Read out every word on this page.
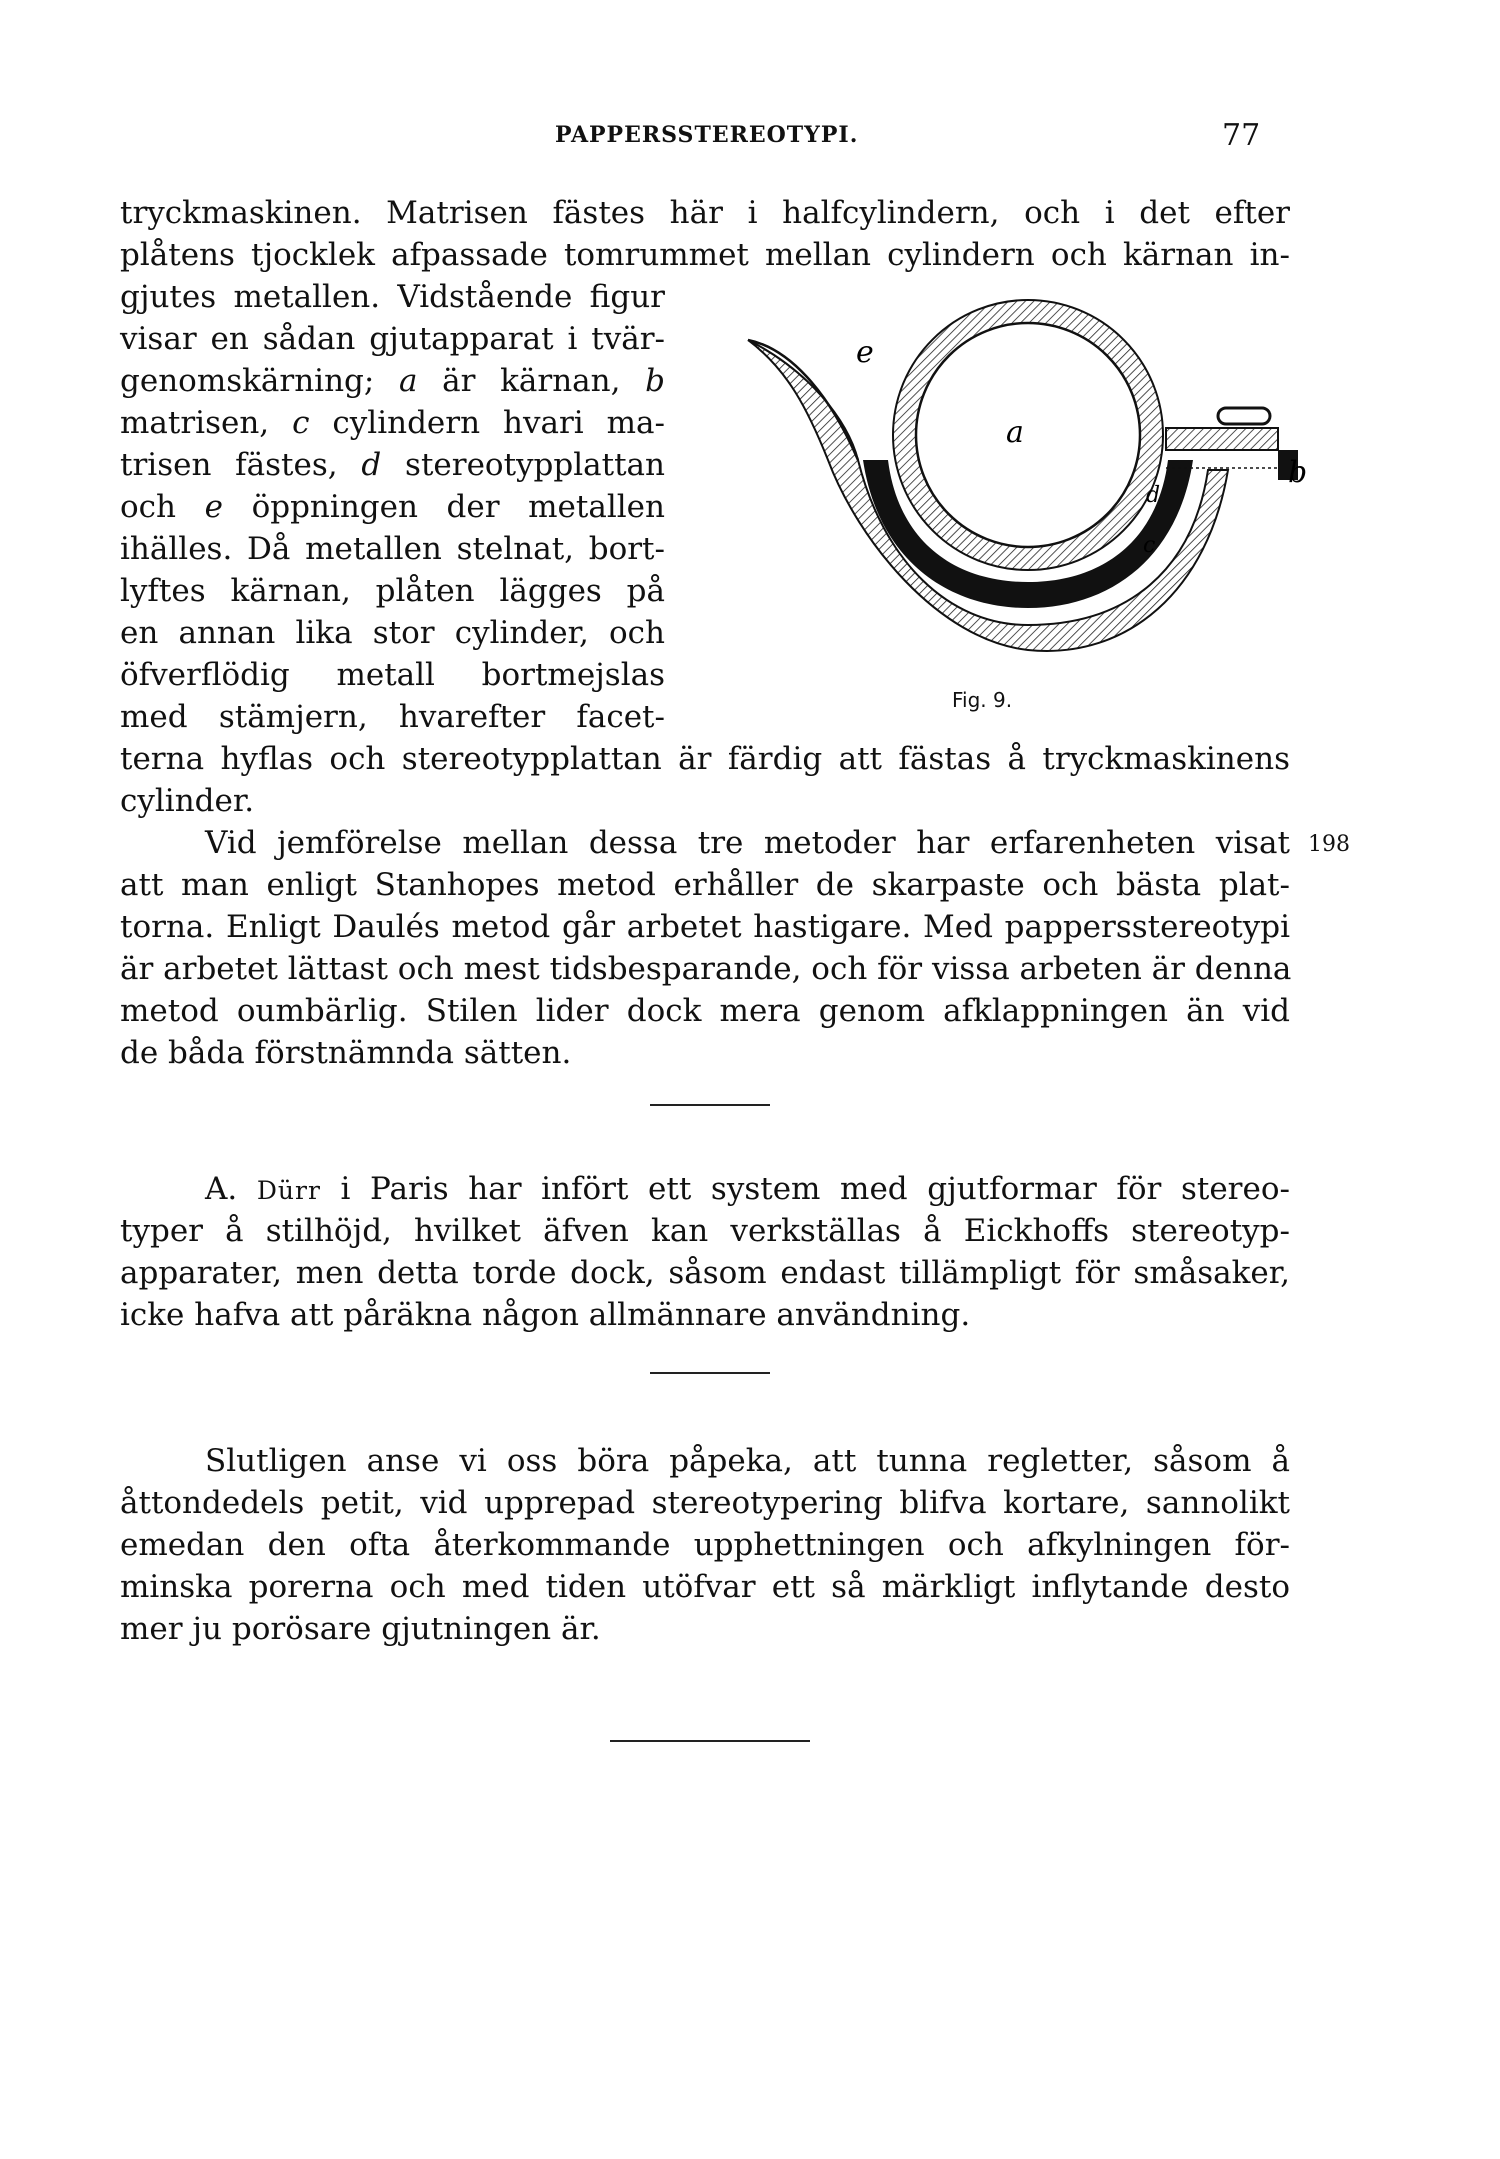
PAPPERSSTEREOTYPI.	77
tryckmaskinen. Matrisen fästes här i halfcylindern, och i det efter
plåtens tjocklek afpassade tomrummet mellan cylindern och kärnan in-
gjutes metallen. Vidstående figur
visar en sådan gjutapparat i tvär-
genomskärning; a är kärnan, b
matrisen, c cylindern hvari ma-
trisen fästes, d stereotypplattan
och e öppningen der metallen
ihälles. Då metallen stelnat, bort-
lyftes kärnan, plåten lägges på
en annan lika stor cylinder, och
öfverflödig metall bortmejslas
med stämjern, hvarefter facet-
terna hyflas och stereotypplattan är färdig att fästas å tryckmaskinens
cylinder.
a
b
c
d
e
Fig. 9.
Vid jemförelse mellan dessa tre metoder har erfarenheten visat 198
att man enligt Stanhopes metod erhåller de skarpaste och bästa plat-
torna. Enligt Daulés metod går arbetet hastigare. Med pappersstereotypi
är arbetet lättast och mest tidsbesparande, och för vissa arbeten är denna
metod oumbärlig. Stilen lider dock mera genom afklappningen än vid
de båda förstnämnda sätten.
A. Dürr i Paris har infört ett system med gjutformar för stereo-
typer å stilhöjd, hvilket äfven kan verkställas å Eickhoffs stereotyp-
apparater, men detta torde dock, såsom endast tillämpligt för småsaker,
icke hafva att påräkna någon allmännare användning.
Slutligen anse vi oss böra påpeka, att tunna regletter, såsom å
åttondedels petit, vid upprepad stereotypering blifva kortare, sannolikt
emedan den ofta återkommande upphettningen och afkylningen för-
minska porerna och med tiden utöfvar ett så märkligt inflytande desto
mer ju porösare gjutningen är.
